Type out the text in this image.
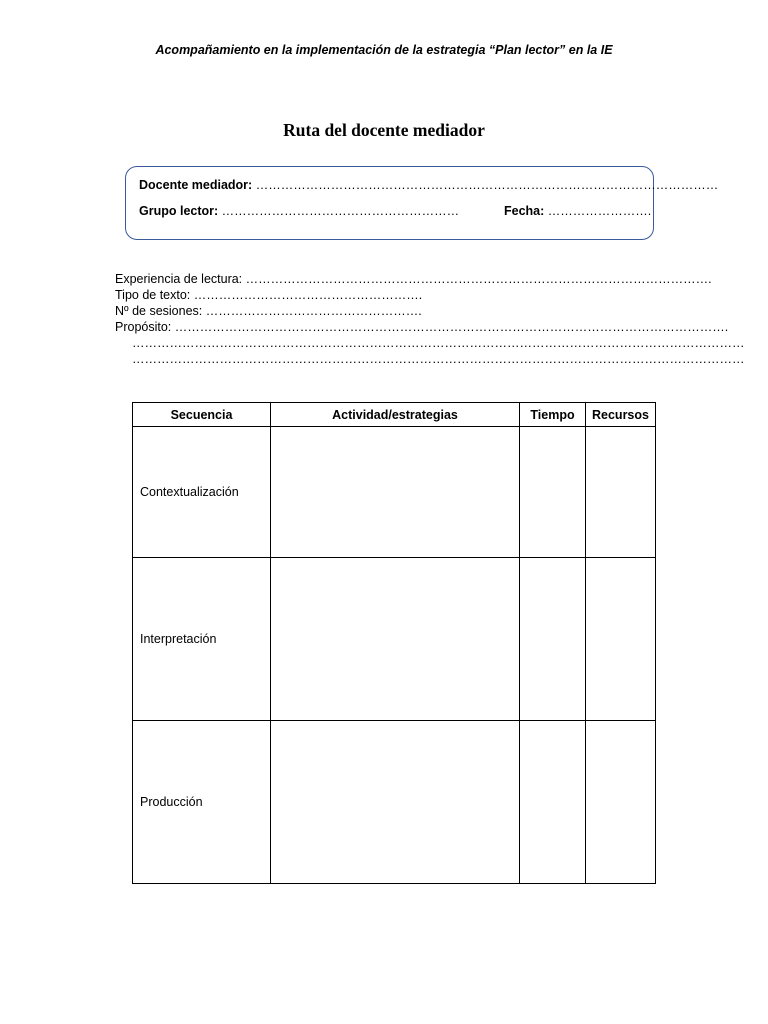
Acompañamiento en la implementación de la estrategia “Plan lector” en la IE
Ruta del docente mediador
Docente mediador: …………………………………………………………………………………………………
Grupo lector: …………………………………………………	Fecha: …………………….
Experiencia de lectura: ………………………………………………………………………………………………….
Tipo de texto: ……………………………………………….
Nº de sesiones: …………………………………………….
Propósito: …………………………………………………………………………………………………………………….
…………………………………………………………………………………………………………………………………
…………………………………………………………………………………………………………………………………
Secuencia	Actividad/estrategias	Tiempo	Recursos
Contextualización			
Interpretación			
Producción			
